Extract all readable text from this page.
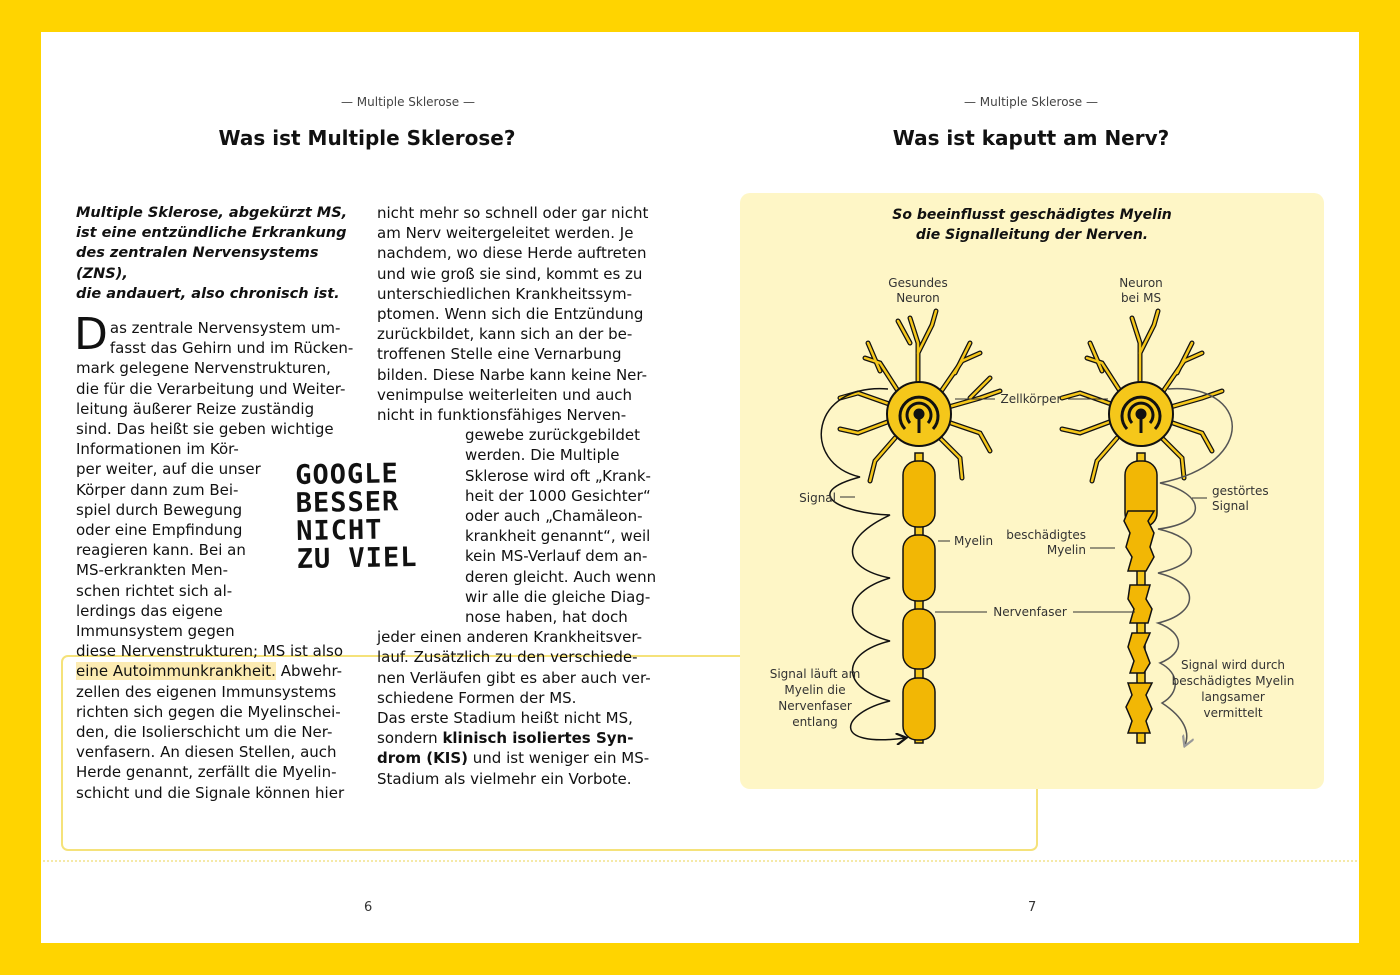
— Multiple Sklerose —
Was ist Multiple Sklerose?
Multiple Sklerose, abgekürzt MS,
ist eine entzündliche Erkrankung
des zentralen Nervensystems (ZNS),
die andauert, also chronisch ist.
D as zentrale Nervensystem um-
fasst das Gehirn und im Rücken-
mark gelegene Nervenstrukturen,
die für die Verarbeitung und Weiter-
leitung äußerer Reize zuständig
sind. Das heißt sie geben wichtige
Informationen im Kör-
per weiter, auf die unser
Körper dann zum Bei-
spiel durch Bewegung
oder eine Empfindung
reagieren kann. Bei an
MS-erkrankten Men-
schen richtet sich al-
lerdings das eigene
Immunsystem gegen
diese Nervenstrukturen; MS ist also
eine Autoimmunkrankheit. Abwehr-
zellen des eigenen Immunsystems
richten sich gegen die Myelinschei-
den, die Isolierschicht um die Ner-
venfasern. An diesen Stellen, auch
Herde genannt, zerfällt die Myelin-
schicht und die Signale können hier
nicht mehr so schnell oder gar nicht
am Nerv weitergeleitet werden. Je
nachdem, wo diese Herde auftreten
und wie groß sie sind, kommt es zu
unterschiedlichen Krankheitssym-
ptomen. Wenn sich die Entzündung
zurückbildet, kann sich an der be-
troffenen Stelle eine Vernarbung
bilden. Diese Narbe kann keine Ner-
venimpulse weiterleiten und auch
nicht in funktionsfähiges Nerven-
gewebe zurückgebildet
werden. Die Multiple
Sklerose wird oft „Krank-
heit der 1000 Gesichter“
oder auch „Chamäleon-
krankheit genannt“, weil
kein MS-Verlauf dem an-
deren gleicht. Auch wenn
wir alle die gleiche Diag-
nose haben, hat doch
jeder einen anderen Krankheitsver-
lauf. Zusätzlich zu den verschiede-
nen Verläufen gibt es aber auch ver-
schiedene Formen der MS.
Das erste Stadium heißt nicht MS,
sondern klinisch isoliertes Syn-
drom (KIS) und ist weniger ein MS-
Stadium als vielmehr ein Vorbote.
GOOGLE
BESSER
NICHT
ZU VIEL
6
— Multiple Sklerose —
Was ist kaputt am Nerv?
So beeinflusst geschädigtes Myelin
die Signalleitung der Nerven.
Gesundes
Neuron
Neuron
bei MS
Zellkörper
Signal
Myelin
gestörtes
Signal
beschädigtes
Myelin
Nervenfaser
Signal läuft am
Myelin die
Nervenfaser
entlang
Signal wird durch
beschädigtes Myelin
langsamer
vermittelt
7
